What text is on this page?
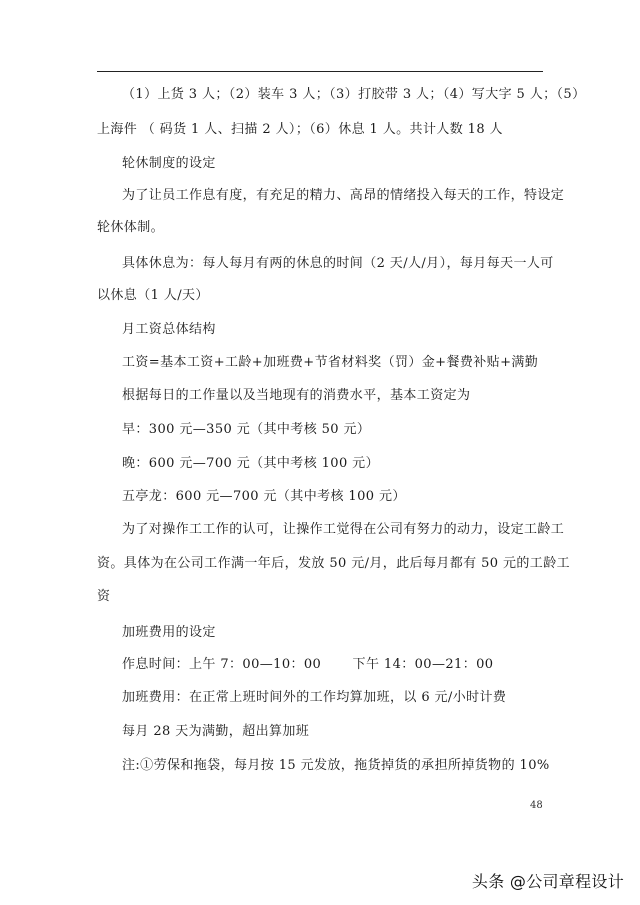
（1）上货 3 人；（2）装车 3 人；（3）打胶带 3 人；（4）写大字 5 人；（5）
上海件 （ 码货 1 人、扫描 2 人）；（6）休息 1 人。共计人数 18 人
轮休制度的设定
为了让员工作息有度，有充足的精力、高昂的情绪投入每天的工作，特设定
轮休体制。
具体休息为：每人每月有两的休息的时间（2 天/人/月），每月每天一人可
以休息（1 人/天）
月工资总体结构
工资=基本工资+工龄+加班费+节省材料奖（罚）金+餐费补贴+满勤
根据每日的工作量以及当地现有的消费水平，基本工资定为
早：300 元—350 元（其中考核 50 元）
晚：600 元—700 元（其中考核 100 元）
五亭龙：600 元—700 元（其中考核 100 元）
为了对操作工工作的认可，让操作工觉得在公司有努力的动力，设定工龄工
资。具体为在公司工作满一年后，发放 50 元/月，此后每月都有 50 元的工龄工
资
加班费用的设定
作息时间：上午 7：00—10：00　　 下午 14：00—21：00
加班费用：在正常上班时间外的工作均算加班，以 6 元/小时计费
每月 28 天为满勤，超出算加班
注:①劳保和拖袋，每月按 15 元发放，拖货掉货的承担所掉货物的 10%
48
头条 @公司章程设计
